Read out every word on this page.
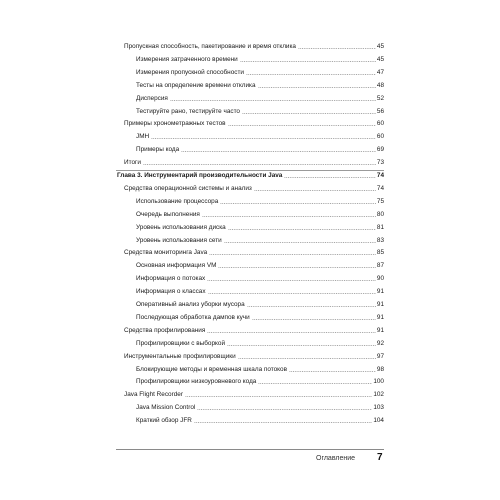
Пропускная способность, пакетирование и время отклика	45
Измерения затраченного времени	45
Измерения пропускной способности	47
Тесты на определение времени отклика	48
Дисперсия	52
Тестируйте рано, тестируйте часто	56
Примеры хронометражных тестов	60
JMH	60
Примеры кода	69
Итоги	73
Глава 3. Инструментарий производительности Java	74
Средства операционной системы и анализ	74
Использование процессора	75
Очередь выполнения	80
Уровень использования диска	81
Уровень использования сети	83
Средства мониторинга Java	85
Основная информация VM	87
Информация о потоках	90
Информация о классах	91
Оперативный анализ уборки мусора	91
Последующая обработка дампов кучи	91
Средства профилирования	91
Профилировщики с выборкой	92
Инструментальные профилировщики	97
Блокирующие методы и временная шкала потоков	98
Профилировщики низкоуровневого кода	100
Java Flight Recorder	102
Java Mission Control	103
Краткий обзор JFR	104
Оглавление 7
